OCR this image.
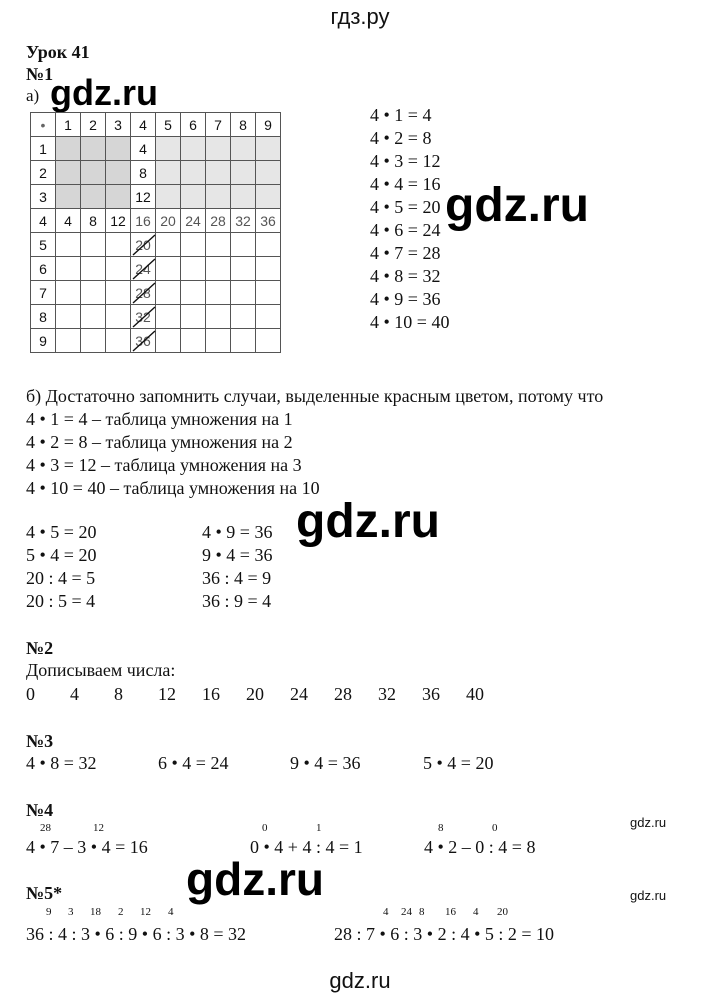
гдз.ру
Урок 41
№1
а) gdz.ru
•	1	2	3	4	5	6	7	8	9
1				4					
2				8					
3				12					
4	4	8	12	16	20	24	28	32	36
5				20

6				24

7				28

8				32

9				36

4 • 1 = 4
4 • 2 = 8
4 • 3 = 12
4 • 4 = 16
4 • 5 = 20
4 • 6 = 24
4 • 7 = 28
4 • 8 = 32
4 • 9 = 36
4 • 10 = 40
gdz.ru
б) Достаточно запомнить случаи, выделенные красным цветом, потому что
4 • 1 = 4 – таблица умножения на 1
4 • 2 = 8 – таблица умножения на 2
4 • 3 = 12 – таблица умножения на 3
4 • 10 = 40 – таблица умножения на 10
4 • 5 = 20
5 • 4 = 20
20 : 4 = 5
20 : 5 = 4
4 • 9 = 36
9 • 4 = 36
36 : 4 = 9
36 : 9 = 4
gdz.ru
№2
Дописываем числа:
0	4	8	12	16	20	24	28	32	36	40
№3
4 • 8 = 32	6 • 4 = 24	9 • 4 = 36	5 • 4 = 20
№4
gdz.ru
28	12
4 • 7 – 3 • 4 = 16
0	1
0 • 4 + 4 : 4 = 1
8	0
4 • 2 – 0 : 4 = 8
gdz.ru
№5*	gdz.ru
9 3 18 2 12 4
36 : 4 : 3 • 6 : 9 • 6 : 3 • 8 = 32
4 24 8 16 4 20
28 : 7 • 6 : 3 • 2 : 4 • 5 : 2 = 10
gdz.ru
